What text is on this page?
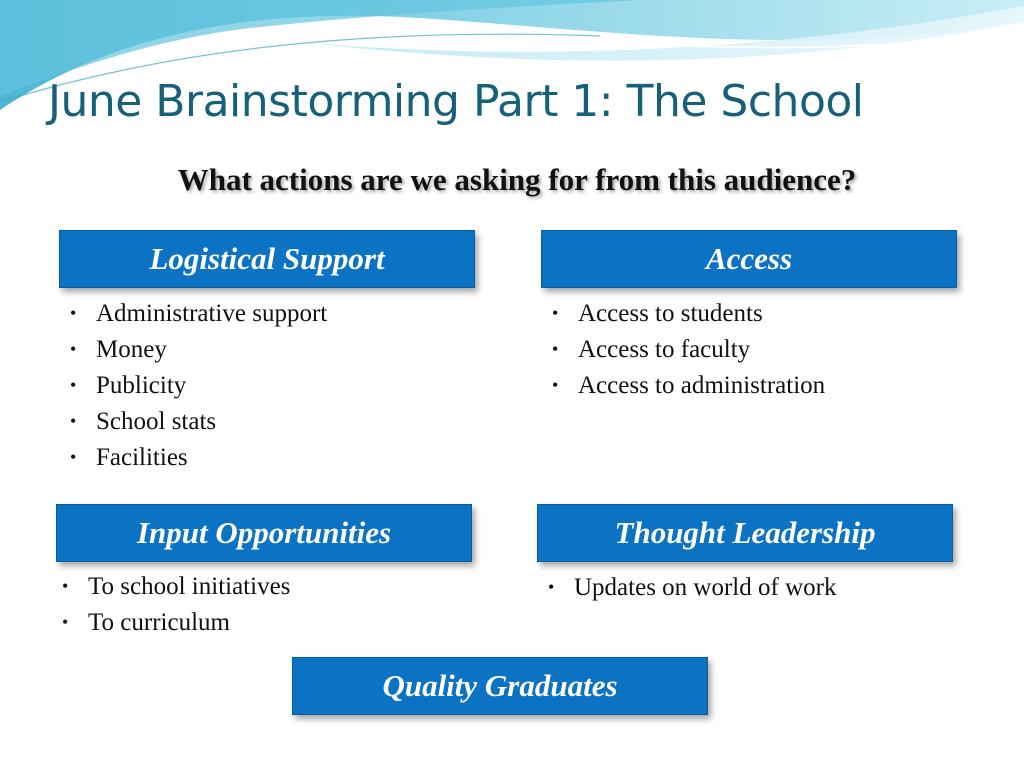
June Brainstorming Part 1: The School
What actions are we asking for from this audience?
Logistical Support
• Administrative support
• Money
• Publicity
• School stats
• Facilities
Access
• Access to students
• Access to faculty
• Access to administration
Input Opportunities
• To school initiatives
• To curriculum
Thought Leadership
• Updates on world of work
Quality Graduates
